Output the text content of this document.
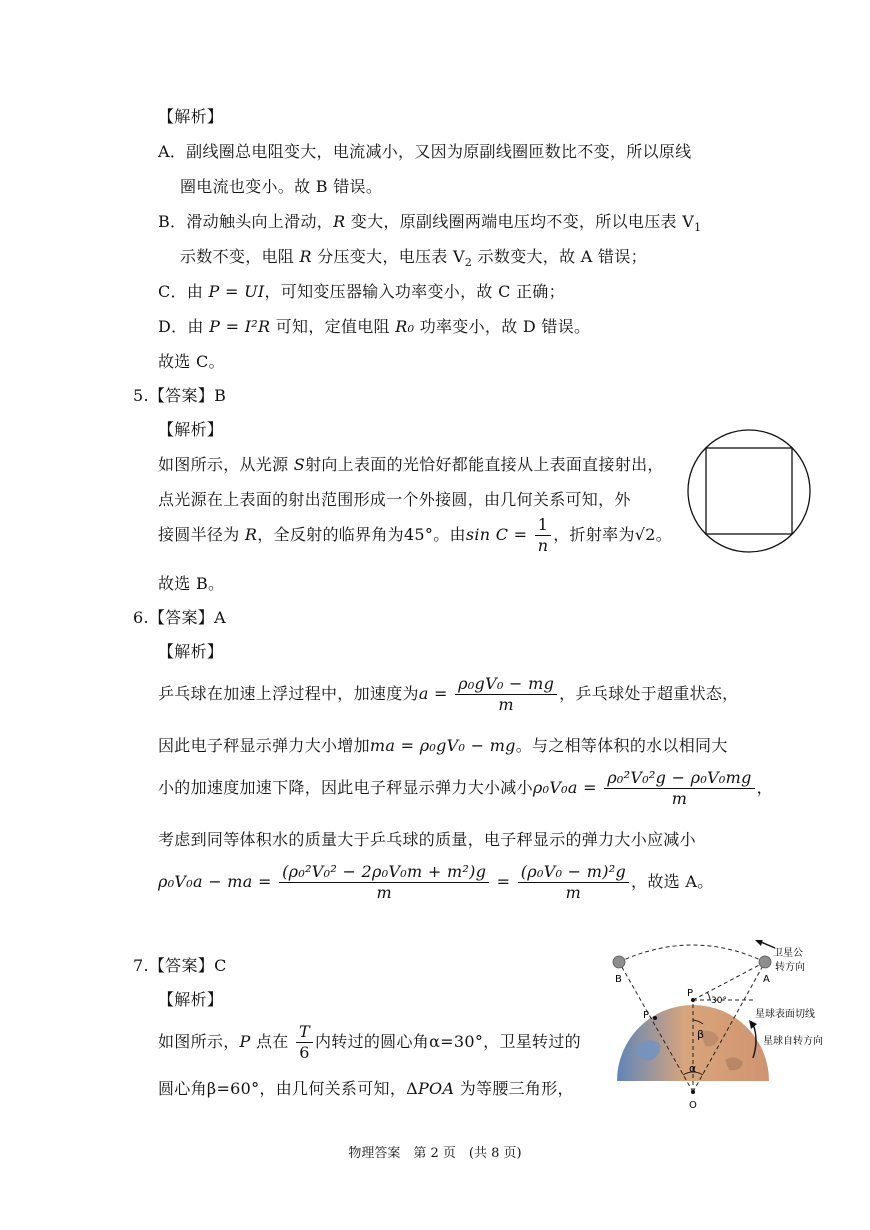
【解析】
A．副线圈总电阻变大，电流减小，又因为原副线圈匝数比不变，所以原线
圈电流也变小。故 B 错误。
B．滑动触头向上滑动，R 变大，原副线圈两端电压均不变，所以电压表 $V_1$
示数不变，电阻 R 分压变大，电压表 $V_2$ 示数变大，故 A 错误；
C．由 P = UI，可知变压器输入功率变小，故 C 正确；
D．由 P = I²R 可知，定值电阻 R₀ 功率变小，故 D 错误。
故选 C。
5.【答案】B
【解析】
如图所示，从光源 S射向上表面的光恰好都能直接从上表面直接射出，
点光源在上表面的射出范围形成一个外接圆，由几何关系可知，外
接圆半径为 R，全反射的临界角为45°。由$\sin C = \frac{1}{n}$ ，折射率为√2。
故选 B。
6.【答案】A
【解析】
乒乓球在加速上浮过程中，加速度为$a = \frac{\text{ρ₀gV₀ − mg}}{m}$ ，乒乓球处于超重状态，
因此电子秤显示弹力大小增加ma = ρ₀gV₀ − mg。与之相等体积的水以相同大
小的加速度加速下降，因此电子秤显示弹力大小减小$\rho_0V_0a = \frac{\text{ρ₀²V₀²g − ρ₀V₀mg}}{m}$ ，
考虑到同等体积水的质量大于乒乓球的质量，电子秤显示的弹力大小应减小
ρ₀V₀a − ma = $\frac{\text{(ρ₀²V₀² − 2ρ₀V₀m + m²)g}}{m} = \frac{\text{(ρ₀V₀ − m)²g}}{m}$ ，故选 A。
7.【答案】C
【解析】
如图所示，P 点在 $\frac{T}{6}$ 内转过的圆心角α=30°，卫星转过的
圆心角β=60°，由几何关系可知，ΔPOA 为等腰三角形，
B	A
P
P
O
α
β
30°
卫星公
转方向
星球表面切线
星球自转方向
物理答案　第 2 页　(共 8 页)
